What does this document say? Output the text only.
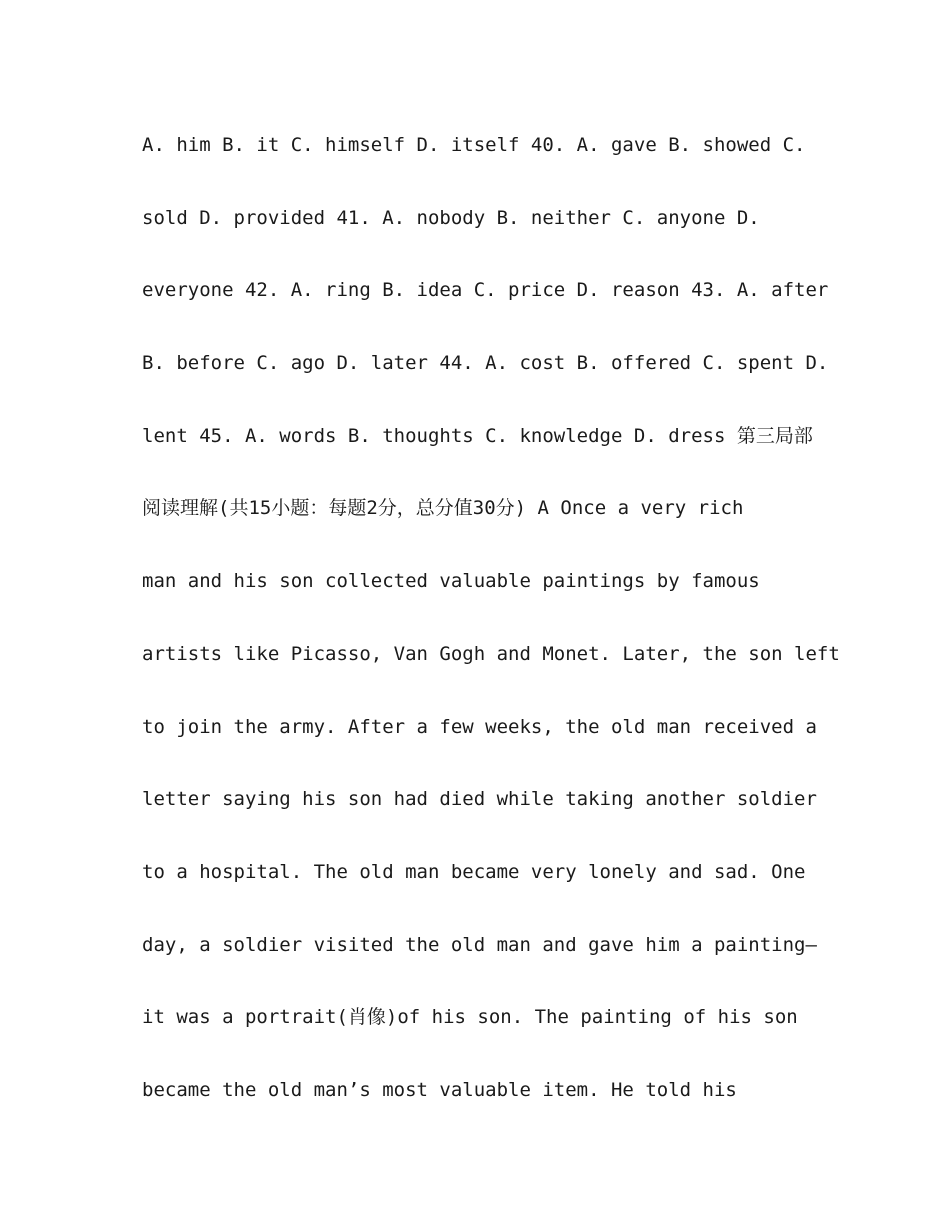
A. him B. it C. himself D. itself 40. A. gave B. showed C.
sold D. provided 41. A. nobody B. neither C. anyone D.
everyone 42. A. ring B. idea C. price D. reason 43. A. after
B. before C. ago D. later 44. A. cost B. offered C. spent D.
lent 45. A. words B. thoughts C. knowledge D. dress 第三局部
阅读理解(共15小题：每题2分，总分值30分) A Once a very rich
man and his son collected valuable paintings by famous
artists like Picasso, Van Gogh and Monet. Later, the son left
to join the army. After a few weeks, the old man received a
letter saying his son had died while taking another soldier
to a hospital. The old man became very lonely and sad. One
day, a soldier visited the old man and gave him a painting—
it was a portrait(肖像)of his son. The painting of his son
became the old man’s most valuable item. He told his
